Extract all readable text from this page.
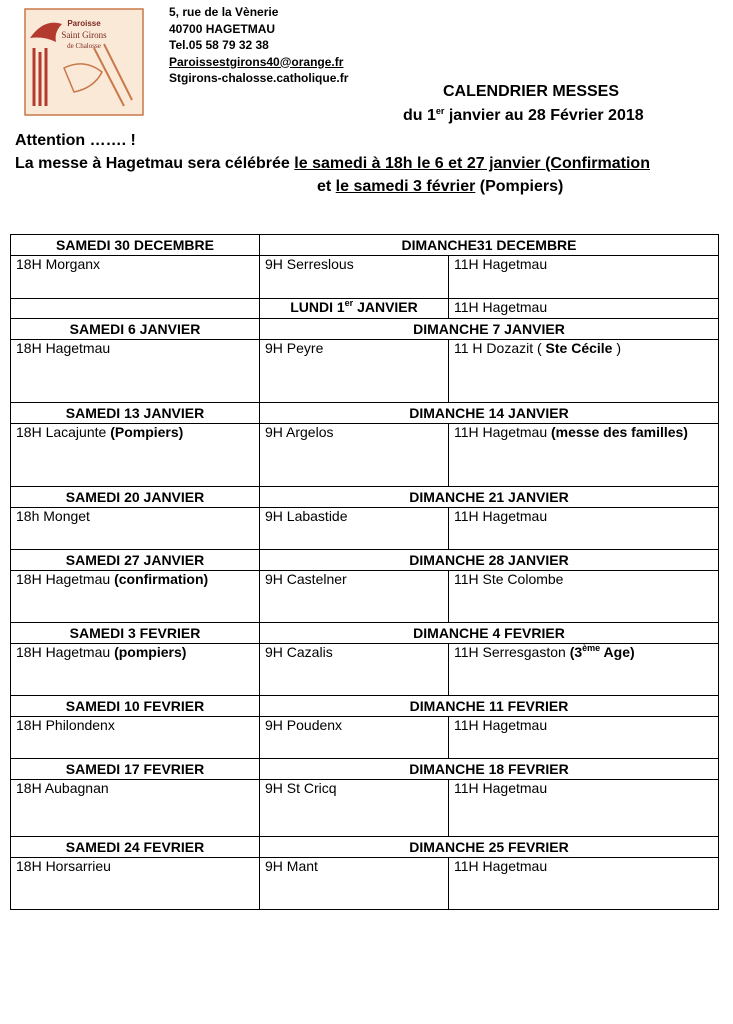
Paroisse
Saint Girons
de Chalosse
5, rue de la Vènerie
40700 HAGETMAU
Tel.05 58 79 32 38
Paroissestgirons40@orange.fr
Stgirons-chalosse.catholique.fr
CALENDRIER MESSES
du 1er janvier au 28 Février 2018
Attention ……. !
La messe à Hagetmau sera célébrée le samedi à 18h le 6 et 27 janvier (Confirmation
et le samedi 3 février (Pompiers)
SAMEDI 30 DECEMBRE	DIMANCHE31 DECEMBRE	
18H Morganx	9H Serreslous	11H Hagetmau
	LUNDI 1er JANVIER	11H Hagetmau
SAMEDI 6 JANVIER	DIMANCHE 7 JANVIER	
18H Hagetmau	9H Peyre	11 H Dozazit ( Ste Cécile )
SAMEDI 13 JANVIER	DIMANCHE 14 JANVIER	
18H Lacajunte (Pompiers)	9H Argelos	11H Hagetmau (messe des familles)
SAMEDI 20 JANVIER	DIMANCHE 21 JANVIER	
18h Monget	9H Labastide	11H Hagetmau
SAMEDI 27 JANVIER	DIMANCHE 28 JANVIER	
18H Hagetmau (confirmation)	9H Castelner	11H Ste Colombe
SAMEDI 3 FEVRIER	DIMANCHE 4 FEVRIER	
18H Hagetmau (pompiers)	9H Cazalis	11H Serresgaston (3ème Age)
SAMEDI 10 FEVRIER	DIMANCHE 11 FEVRIER	
18H Philondenx	9H Poudenx	11H Hagetmau
SAMEDI 17 FEVRIER	DIMANCHE 18 FEVRIER	
18H Aubagnan	9H St Cricq	11H Hagetmau
SAMEDI 24 FEVRIER	DIMANCHE 25 FEVRIER	
18H Horsarrieu	9H Mant	11H Hagetmau
